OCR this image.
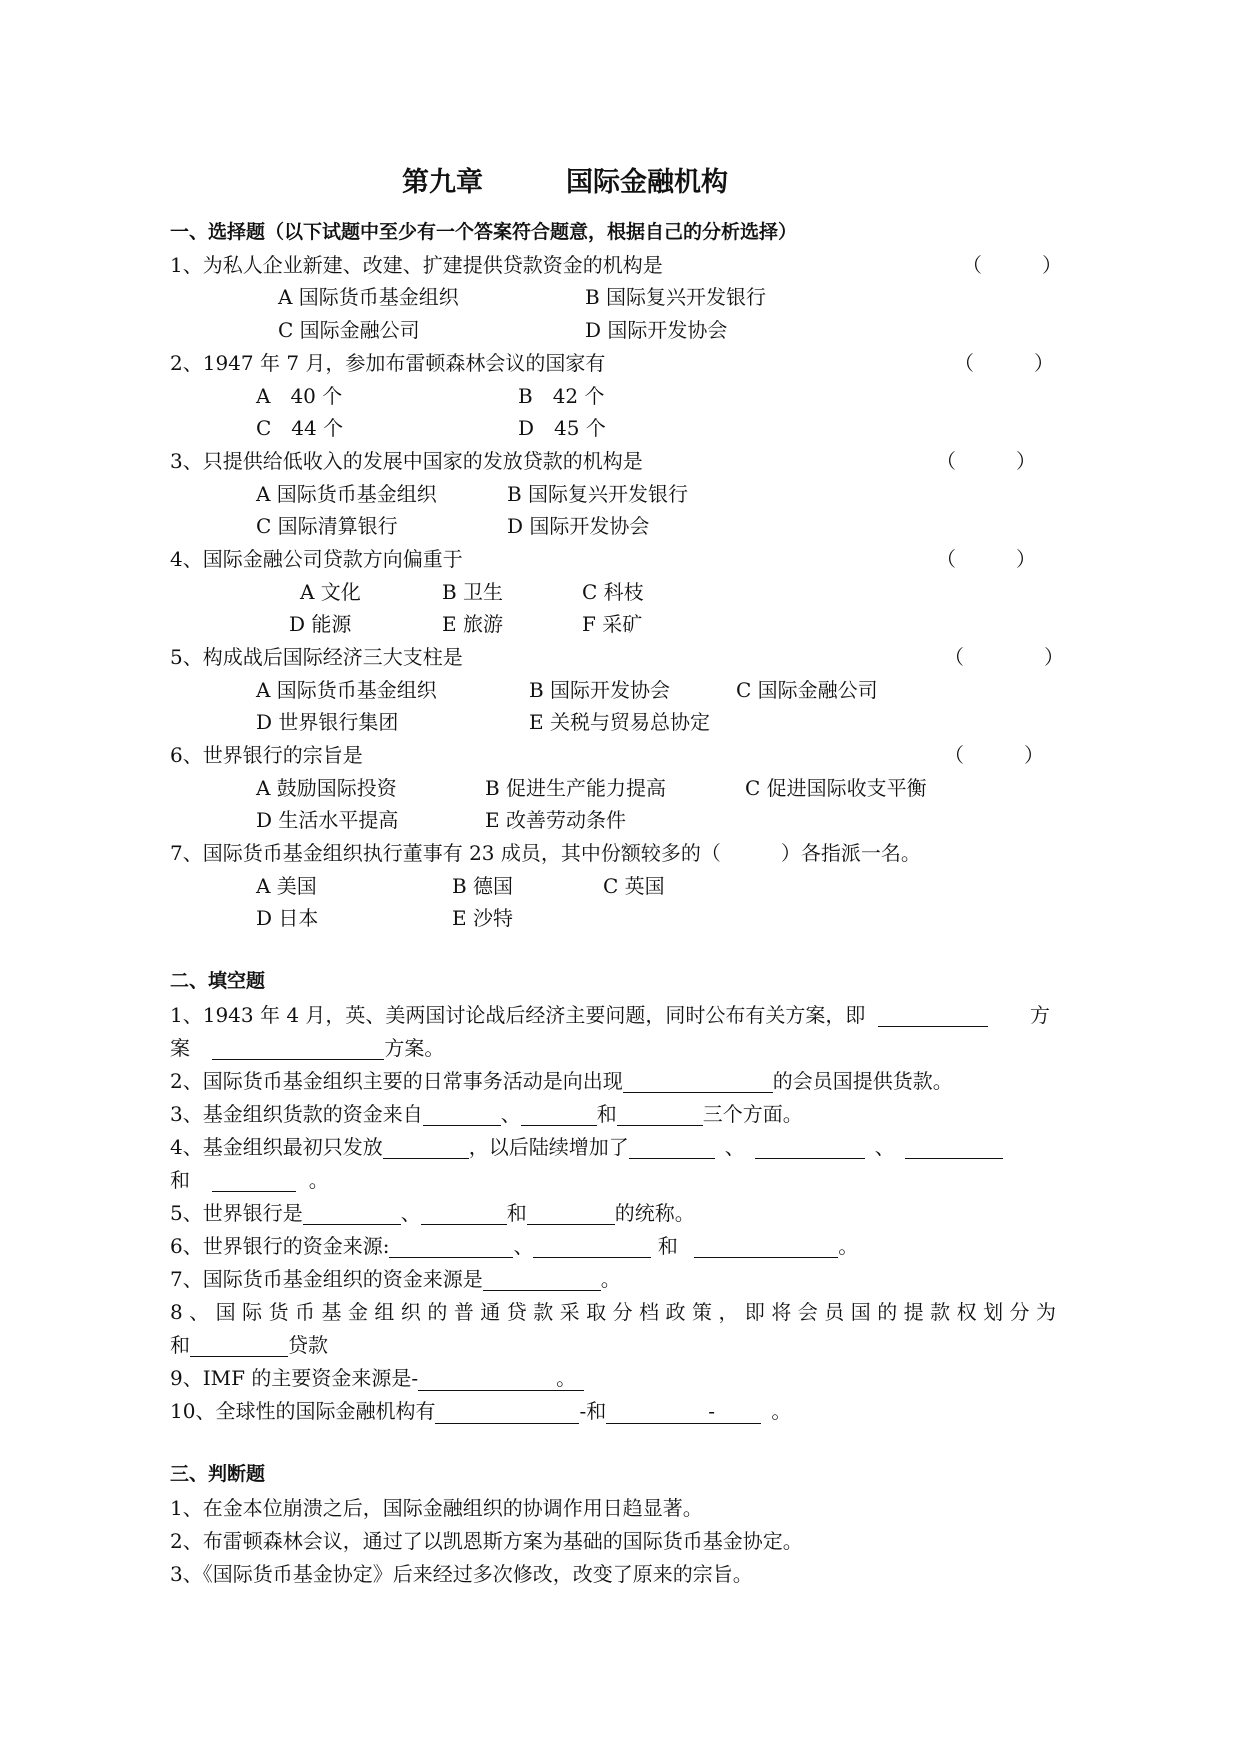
第九章	国际金融机构
一、选择题（以下试题中至少有一个答案符合题意，根据自己的分析选择）
1、为私人企业新建、改建、扩建提供贷款资金的机构是	（　　　）
A 国际货币基金组织	B 国际复兴开发银行
C 国际金融公司	D 国际开发协会
2、1947 年 7 月，参加布雷顿森林会议的国家有	（　　　）
A　40 个	B　42 个
C　44 个	D　45 个
3、只提供给低收入的发展中国家的发放贷款的机构是	（　　　）
A 国际货币基金组织	B 国际复兴开发银行
C 国际清算银行	D 国际开发协会
4、国际金融公司贷款方向偏重于	（　　　）
A 文化	B 卫生	C 科枝
D 能源	E 旅游	F 采矿
5、构成战后国际经济三大支柱是	（　　　　）
A 国际货币基金组织	B 国际开发协会	C 国际金融公司
D 世界银行集团	E 关税与贸易总协定
6、世界银行的宗旨是	（　　　）
A 鼓励国际投资	B 促进生产能力提高	C 促进国际收支平衡
D 生活水平提高	E 改善劳动条件
7、国际货币基金组织执行董事有 23 成员，其中份额较多的（　　　）各指派一名。
A 美国	B 德国	C 英国
D 日本	E 沙特
二、填空题
1、1943 年 4 月，英、美两国讨论战后经济主要问题，同时公布有关方案，即	方
案	方案。
2、国际货币基金组织主要的日常事务活动是向出现	的会员国提供货款。
3、基金组织货款的资金来自	、	和	三个方面。
4、基金组织最初只发放	，以后陆续增加了	、	、
和	。
5、世界银行是	、	和	的统称。
6、世界银行的资金来源:	、	和	。
7、国际货币基金组织的资金来源是	。
8、国际货币基金组织的普通贷款采取分档政策，即将会员国的提款权划分为
和	贷款
9、IMF 的主要资金来源是-	。
10、全球性的国际金融机构有	-和	-	。
三、判断题
1、在金本位崩溃之后，国际金融组织的协调作用日趋显著。
2、布雷顿森林会议，通过了以凯恩斯方案为基础的国际货币基金协定。
3、《国际货币基金协定》后来经过多次修改，改变了原来的宗旨。
